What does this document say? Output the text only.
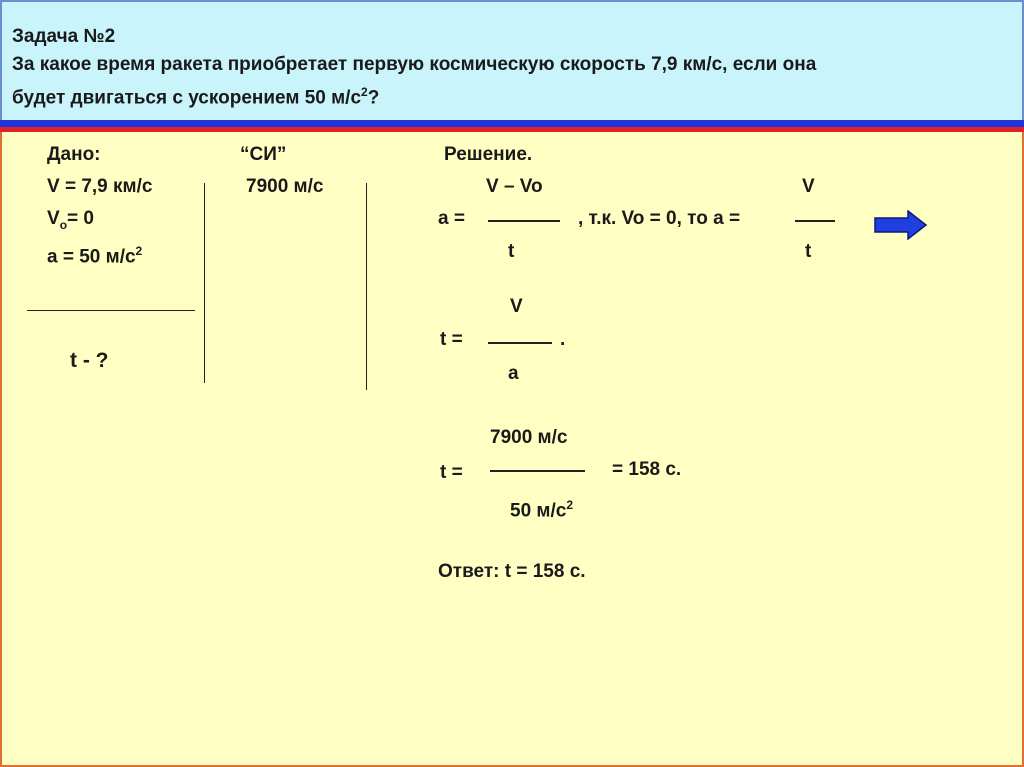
Задача №2
За какое время ракета приобретает первую космическую скорость 7,9 км/с, если она
будет двигаться с ускорением 50 $м/с^2$?
Дано:
V = 7,9 км/с
$V_o= 0$
a = 50 $м/с^2$
t - ?
“СИ”
7900 м/с
Решение.
V – Vo
a =
t
, т.к. Vo = 0, то a =
V
t
V
t =	.
a
7900 м/с
t =	= 158 с.
50 $м/с^2$
Ответ: t = 158 с.
